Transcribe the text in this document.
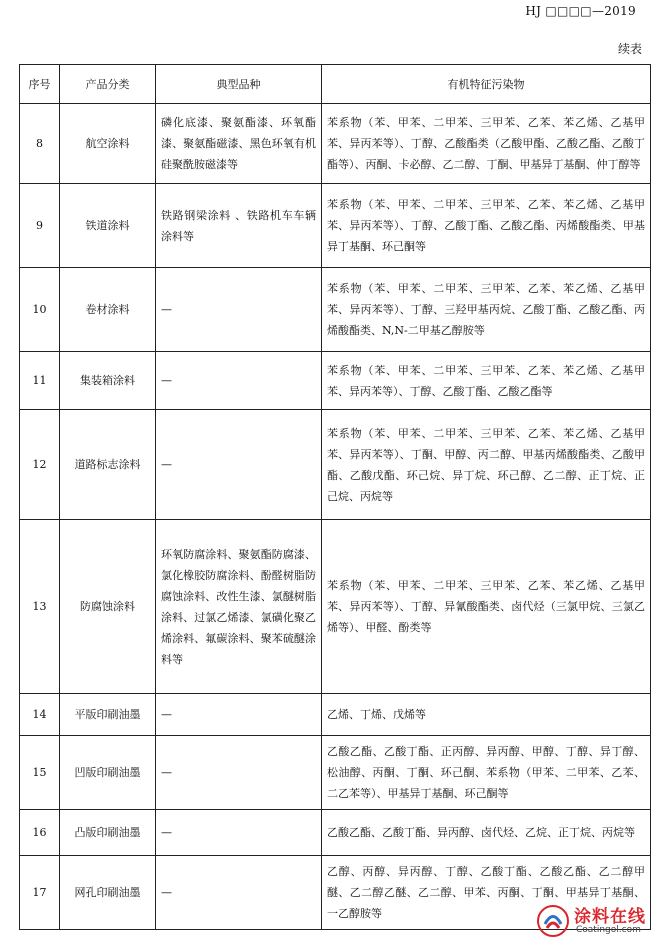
HJ □□□□—2019
续表
序号	产品分类	典型品种	有机特征污染物
8	航空涂料	磷化底漆、聚氨酯漆、环氧酯漆、聚氨酯磁漆、黑色环氧有机硅聚酰胺磁漆等	苯系物（苯、甲苯、二甲苯、三甲苯、乙苯、苯乙烯、乙基甲苯、异丙苯等）、丁醇、乙酸酯类（乙酸甲酯、乙酸乙酯、乙酸丁酯等）、丙酮、卡必醇、乙二醇、丁酮、甲基异丁基酮、仲丁醇等
9	铁道涂料	铁路钢梁涂料 、铁路机车车辆涂料等	苯系物（苯、甲苯、二甲苯、三甲苯、乙苯、苯乙烯、乙基甲苯、异丙苯等）、丁醇、乙酸丁酯、乙酸乙酯、丙烯酸酯类、甲基异丁基酮、环己酮等
10	卷材涂料	—	苯系物（苯、甲苯、二甲苯、三甲苯、乙苯、苯乙烯、乙基甲苯、异丙苯等）、丁醇、三羟甲基丙烷、乙酸丁酯、乙酸乙酯、丙烯酸酯类、N,N-二甲基乙醇胺等
11	集装箱涂料	—	苯系物（苯、甲苯、二甲苯、三甲苯、乙苯、苯乙烯、乙基甲苯、异丙苯等）、丁醇、乙酸丁酯、乙酸乙酯等
12	道路标志涂料	—	苯系物（苯、甲苯、二甲苯、三甲苯、乙苯、苯乙烯、乙基甲苯、异丙苯等）、丁酮、甲醇、丙二醇、甲基丙烯酸酯类、乙酸甲酯、乙酸戊酯、环己烷、异丁烷、环己醇、乙二醇、正丁烷、正己烷、丙烷等
13	防腐蚀涂料	环氧防腐涂料、聚氨酯防腐漆、氯化橡胶防腐涂料、酚醛树脂防腐蚀涂料、改性生漆、氯醚树脂涂料、过氯乙烯漆、氯磺化聚乙烯涂料、氟碳涂料、聚苯硫醚涂料等	苯系物（苯、甲苯、二甲苯、三甲苯、乙苯、苯乙烯、乙基甲苯、异丙苯等）、丁醇、异氰酸酯类、卤代烃（三氯甲烷、三氯乙烯等）、甲醛、酚类等
14	平版印刷油墨	—	乙烯、丁烯、戊烯等
15	凹版印刷油墨	—	乙酸乙酯、乙酸丁酯、正丙醇、异丙醇、甲醇、丁醇、异丁醇、松油醇、丙酮、丁酮、环己酮、苯系物（甲苯、二甲苯、乙苯、二乙苯等）、甲基异丁基酮、环己酮等
16	凸版印刷油墨	—	乙酸乙酯、乙酸丁酯、异丙醇、卤代烃、乙烷、正丁烷、丙烷等
17	网孔印刷油墨	—	乙醇、丙醇、异丙醇、丁醇、乙酸丁酯、乙酸乙酯、乙二醇甲醚、乙二醇乙醚、乙二醇、甲苯、丙酮、丁酮、甲基异丁基酮、一乙醇胺等	涂料在线
Coatingol.com
